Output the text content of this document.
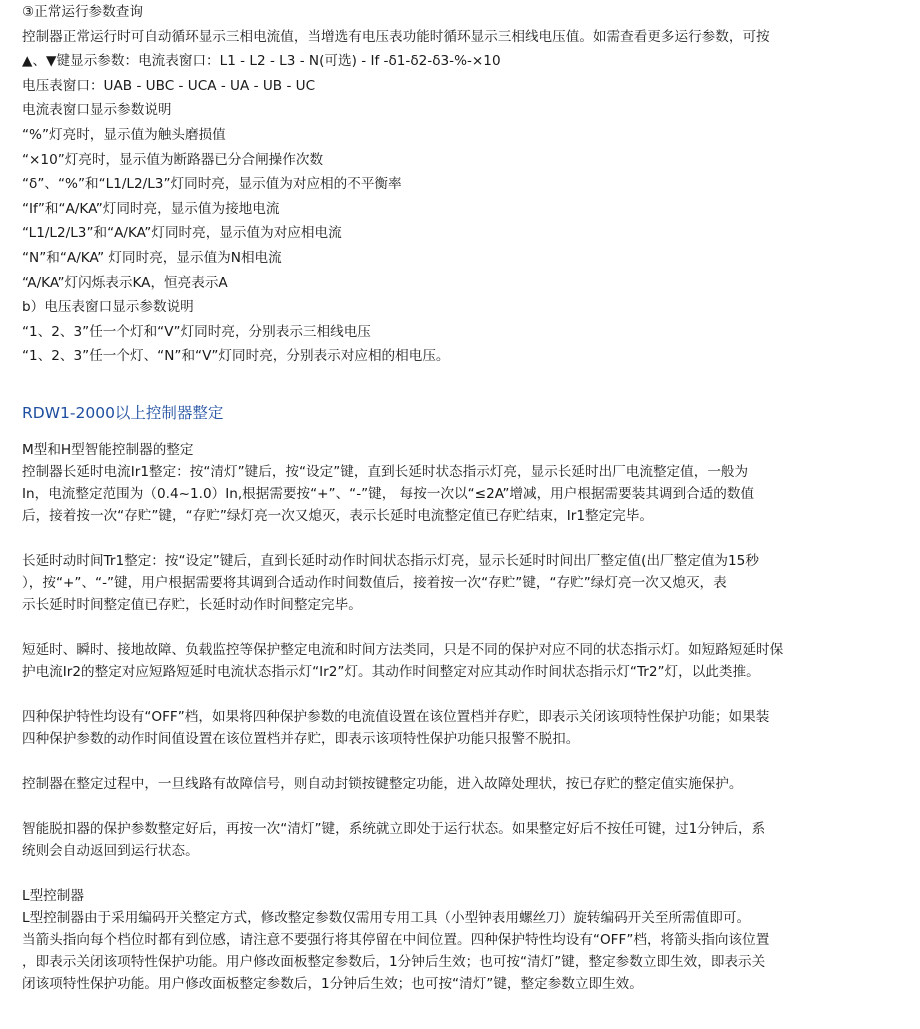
③正常运行参数查询

控制器正常运行时可自动循环显示三相电流值，当增选有电压表功能时循环显示三相线电压值。如需查看更多运行参数，可按

▲、▼键显示参数：电流表窗口：L1 - L2 - L3 - N(可选) - If -δ1-δ2-δ3-%-×10

电压表窗口：UAB - UBC - UCA - UA - UB - UC

电流表窗口显示参数说明

“%”灯亮时，显示值为触头磨损值

“×10”灯亮时，显示值为断路器已分合闸操作次数

“δ”、“%”和“L1/L2/L3”灯同时亮，显示值为对应相的不平衡率

“If”和“A/KA”灯同时亮，显示值为接地电流

“L1/L2/L3”和“A/KA”灯同时亮，显示值为对应相电流

“N”和“A/KA” 灯同时亮，显示值为N相电流

“A/KA”灯闪烁表示KA，恒亮表示A

b）电压表窗口显示参数说明

“1、2、3”任一个灯和“V”灯同时亮，分别表示三相线电压

“1、2、3”任一个灯、“N”和“V”灯同时亮，分别表示对应相的相电压。

RDW1-2000以上控制器整定

M型和H型智能控制器的整定

控制器长延时电流Ir1整定：按“清灯”键后，按“设定”键，直到长延时状态指示灯亮，显示长延时出厂电流整定值，一般为

In，电流整定范围为（0.4~1.0）In,根据需要按“+”、“-”键， 每按一次以“≤2A”增减，用户根据需要装其调到合适的数值

后，接着按一次“存贮”键，“存贮”绿灯亮一次又熄灭，表示长延时电流整定值已存贮结束，Ir1整定完毕。

长延时动时间Tr1整定：按“设定”键后，直到长延时动作时间状态指示灯亮，显示长延时时间出厂整定值(出厂整定值为15秒

），按“+”、“-”键，用户根据需要将其调到合适动作时间数值后，接着按一次“存贮”键，“存贮”绿灯亮一次又熄灭，表

示长延时时间整定值已存贮，长延时动作时间整定完毕。

短延时、瞬时、接地故障、负载监控等保护整定电流和时间方法类同，只是不同的保护对应不同的状态指示灯。如短路短延时保

护电流Ir2的整定对应短路短延时电流状态指示灯“Ir2”灯。其动作时间整定对应其动作时间状态指示灯“Tr2”灯，以此类推。

四种保护特性均设有“OFF”档，如果将四种保护参数的电流值设置在该位置档并存贮，即表示关闭该项特性保护功能；如果装

四种保护参数的动作时间值设置在该位置档并存贮，即表示该项特性保护功能只报警不脱扣。

控制器在整定过程中，一旦线路有故障信号，则自动封锁按键整定功能，进入故障处理状，按已存贮的整定值实施保护。

智能脱扣器的保护参数整定好后，再按一次“清灯”键，系统就立即处于运行状态。如果整定好后不按任可键，过1分钟后，系

统则会自动返回到运行状态。

L型控制器

L型控制器由于采用编码开关整定方式，修改整定参数仅需用专用工具（小型钟表用螺丝刀）旋转编码开关至所需值即可。

当箭头指向每个档位时都有到位感，请注意不要强行将其停留在中间位置。四种保护特性均设有“OFF”档，将箭头指向该位置

，即表示关闭该项特性保护功能。用户修改面板整定参数后，1分钟后生效；也可按“清灯”键，整定参数立即生效，即表示关

闭该项特性保护功能。用户修改面板整定参数后，1分钟后生效；也可按“清灯”键，整定参数立即生效。
